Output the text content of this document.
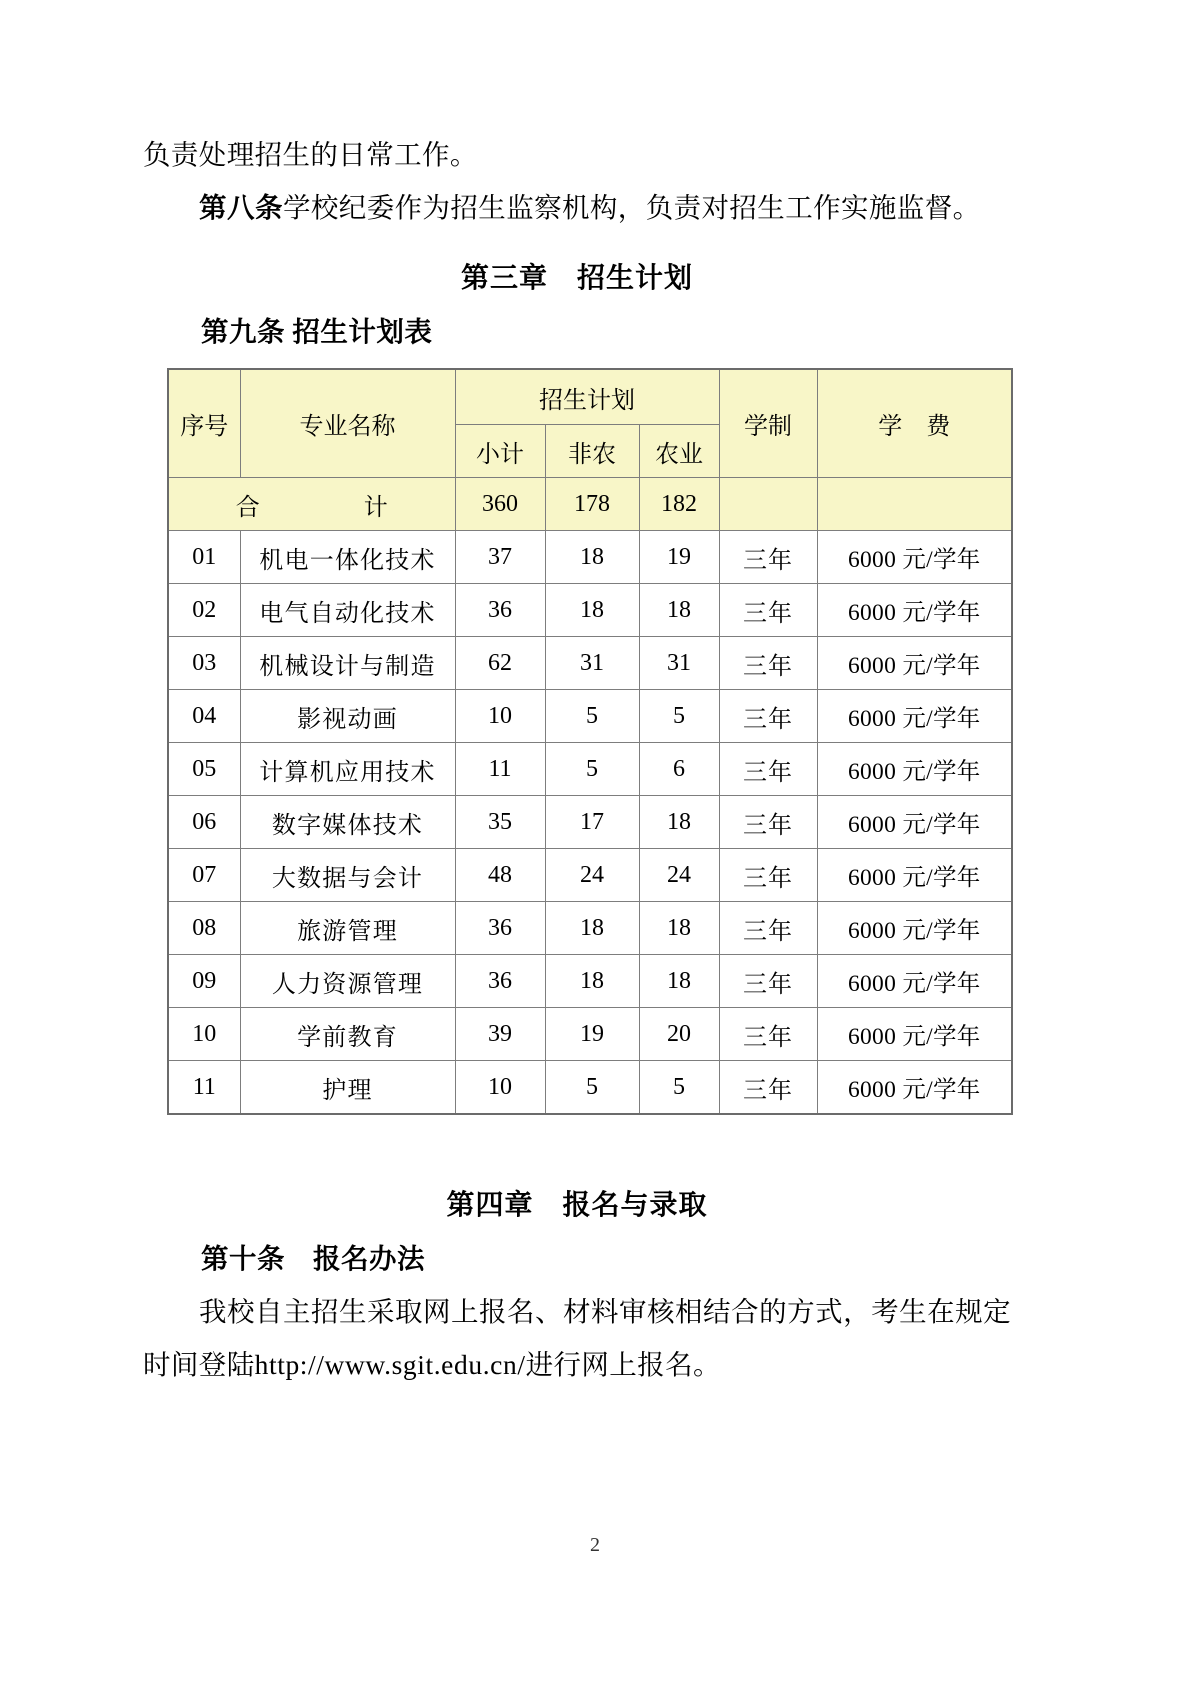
负责处理招生的日常工作。

第八条学校纪委作为招生监察机构，负责对招生工作实施监督。

第三章　招生计划
第九条 招生计划表
序号	专业名称	招生计划			学制	学　费
		小计	非农	农业		
合 计		360	178	182		
01	机电一体化技术	37	18	19	三年	6000 元/学年
02	电气自动化技术	36	18	18	三年	6000 元/学年
03	机械设计与制造	62	31	31	三年	6000 元/学年
04	影视动画	10	5	5	三年	6000 元/学年
05	计算机应用技术	11	5	6	三年	6000 元/学年
06	数字媒体技术	35	17	18	三年	6000 元/学年
07	大数据与会计	48	24	24	三年	6000 元/学年
08	旅游管理	36	18	18	三年	6000 元/学年
09	人力资源管理	36	18	18	三年	6000 元/学年
10	学前教育	39	19	20	三年	6000 元/学年
11	护理	10	5	5	三年	6000 元/学年
第四章　报名与录取
第十条　报名办法

我校自主招生采取网上报名、材料审核相结合的方式，考生在规定时间登陆http://www.sgit.edu.cn/进行网上报名。

2
